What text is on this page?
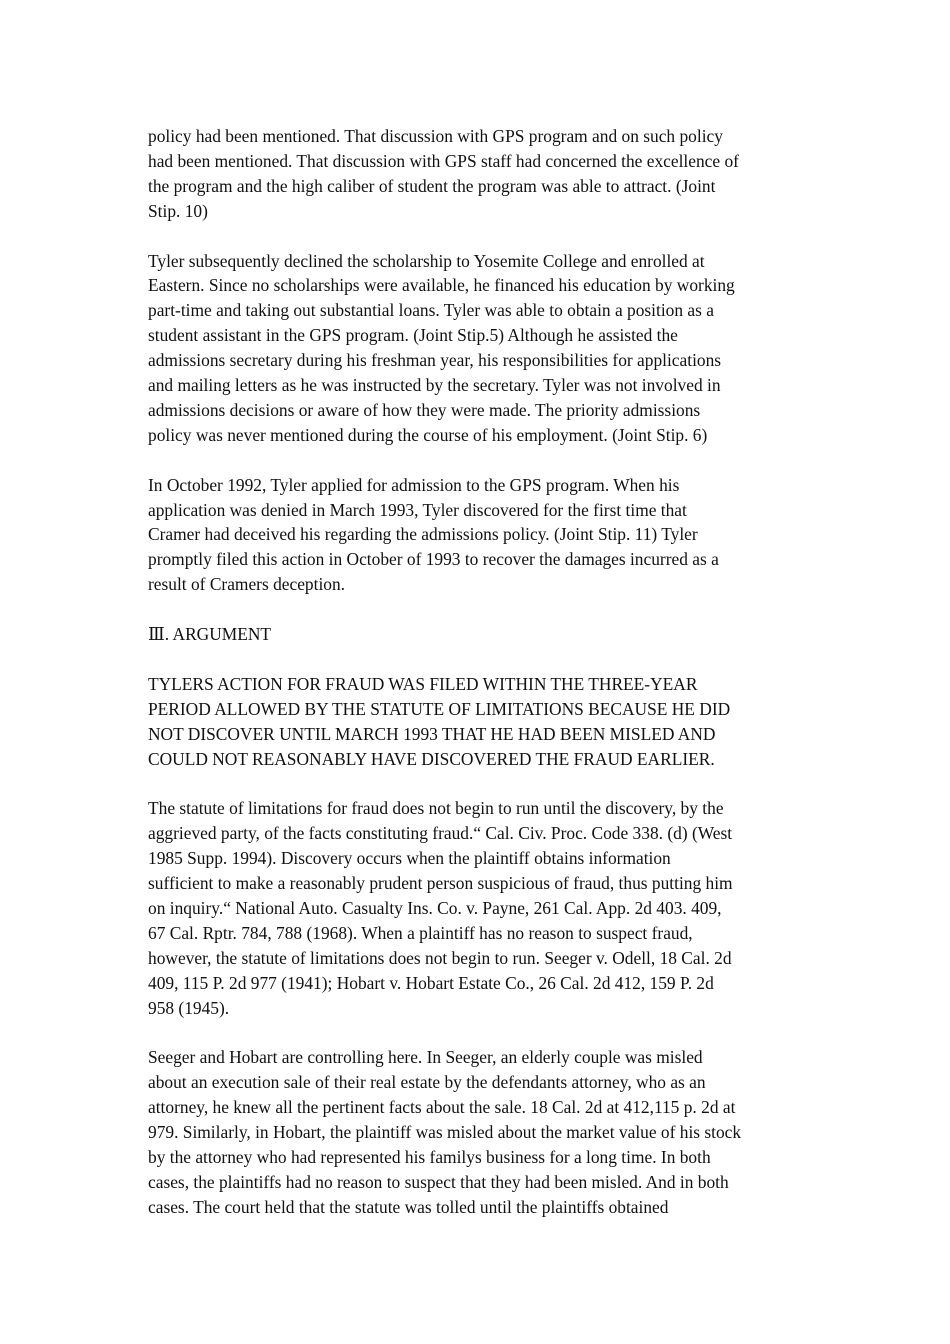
policy had been mentioned. That discussion with GPS program and on such policy
had been mentioned. That discussion with GPS staff had concerned the excellence of
the program and the high caliber of student the program was able to attract. (Joint
Stip. 10)

Tyler subsequently declined the scholarship to Yosemite College and enrolled at
Eastern. Since no scholarships were available, he financed his education by working
part-time and taking out substantial loans. Tyler was able to obtain a position as a
student assistant in the GPS program. (Joint Stip.5) Although he assisted the
admissions secretary during his freshman year, his responsibilities for applications
and mailing letters as he was instructed by the secretary. Tyler was not involved in
admissions decisions or aware of how they were made. The priority admissions
policy was never mentioned during the course of his employment. (Joint Stip. 6)

In October 1992, Tyler applied for admission to the GPS program. When his
application was denied in March 1993, Tyler discovered for the first time that
Cramer had deceived his regarding the admissions policy. (Joint Stip. 11) Tyler
promptly filed this action in October of 1993 to recover the damages incurred as a
result of Cramers deception.

Ⅲ. ARGUMENT

TYLERS ACTION FOR FRAUD WAS FILED WITHIN THE THREE-YEAR
PERIOD ALLOWED BY THE STATUTE OF LIMITATIONS BECAUSE HE DID
NOT DISCOVER UNTIL MARCH 1993 THAT HE HAD BEEN MISLED AND
COULD NOT REASONABLY HAVE DISCOVERED THE FRAUD EARLIER.

The statute of limitations for fraud does not begin to run until the discovery, by the
aggrieved party, of the facts constituting fraud.“ Cal. Civ. Proc. Code 338. (d) (West
1985 Supp. 1994). Discovery occurs when the plaintiff obtains information
sufficient to make a reasonably prudent person suspicious of fraud, thus putting him
on inquiry.“ National Auto. Casualty Ins. Co. v. Payne, 261 Cal. App. 2d 403. 409,
67 Cal. Rptr. 784, 788 (1968). When a plaintiff has no reason to suspect fraud,
however, the statute of limitations does not begin to run. Seeger v. Odell, 18 Cal. 2d
409, 115 P. 2d 977 (1941); Hobart v. Hobart Estate Co., 26 Cal. 2d 412, 159 P. 2d
958 (1945).

Seeger and Hobart are controlling here. In Seeger, an elderly couple was misled
about an execution sale of their real estate by the defendants attorney, who as an
attorney, he knew all the pertinent facts about the sale. 18 Cal. 2d at 412,115 p. 2d at
979. Similarly, in Hobart, the plaintiff was misled about the market value of his stock
by the attorney who had represented his familys business for a long time. In both
cases, the plaintiffs had no reason to suspect that they had been misled. And in both
cases. The court held that the statute was tolled until the plaintiffs obtained
